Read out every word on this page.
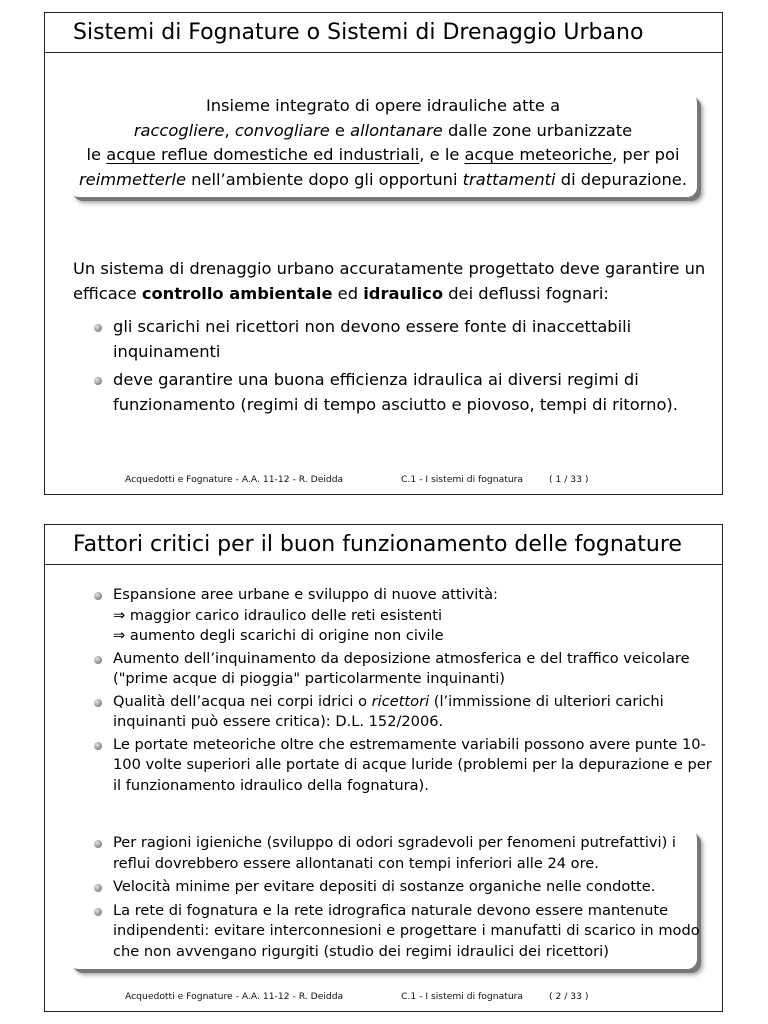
Sistemi di Fognature o Sistemi di Drenaggio Urbano
Insieme integrato di opere idrauliche atte a
raccogliere, convogliare e allontanare dalle zone urbanizzate
le acque reflue domestiche ed industriali, e le acque meteoriche, per poi
reimmetterle nell’ambiente dopo gli opportuni trattamenti di depurazione.
Un sistema di drenaggio urbano accuratamente progettato deve garantire un efficace controllo ambientale ed idraulico dei deflussi fognari:
gli scarichi nei ricettori non devono essere fonte di inaccettabili inquinamenti
deve garantire una buona efficienza idraulica ai diversi regimi di funzionamento (regimi di tempo asciutto e piovoso, tempi di ritorno).
Acquedotti e Fognature - A.A. 11-12 - R. Deidda	C.1 - I sistemi di fognatura	( 1 / 33 )
Fattori critici per il buon funzionamento delle fognature
Espansione aree urbane e sviluppo di nuove attività:
⇒ maggior carico idraulico delle reti esistenti
⇒ aumento degli scarichi di origine non civile
Aumento dell’inquinamento da deposizione atmosferica e del traffico veicolare ("prime acque di pioggia" particolarmente inquinanti)
Qualità dell’acqua nei corpi idrici o ricettori (l’immissione di ulteriori carichi inquinanti può essere critica): D.L. 152/2006.
Le portate meteoriche oltre che estremamente variabili possono avere punte 10-100 volte superiori alle portate di acque luride (problemi per la depurazione e per il funzionamento idraulico della fognatura).
Per ragioni igieniche (sviluppo di odori sgradevoli per fenomeni putrefattivi) i reflui dovrebbero essere allontanati con tempi inferiori alle 24 ore.
Velocità minime per evitare depositi di sostanze organiche nelle condotte.
La rete di fognatura e la rete idrografica naturale devono essere mantenute indipendenti: evitare interconnesioni e progettare i manufatti di scarico in modo che non avvengano rigurgiti (studio dei regimi idraulici dei ricettori)
Acquedotti e Fognature - A.A. 11-12 - R. Deidda	C.1 - I sistemi di fognatura	( 2 / 33 )
